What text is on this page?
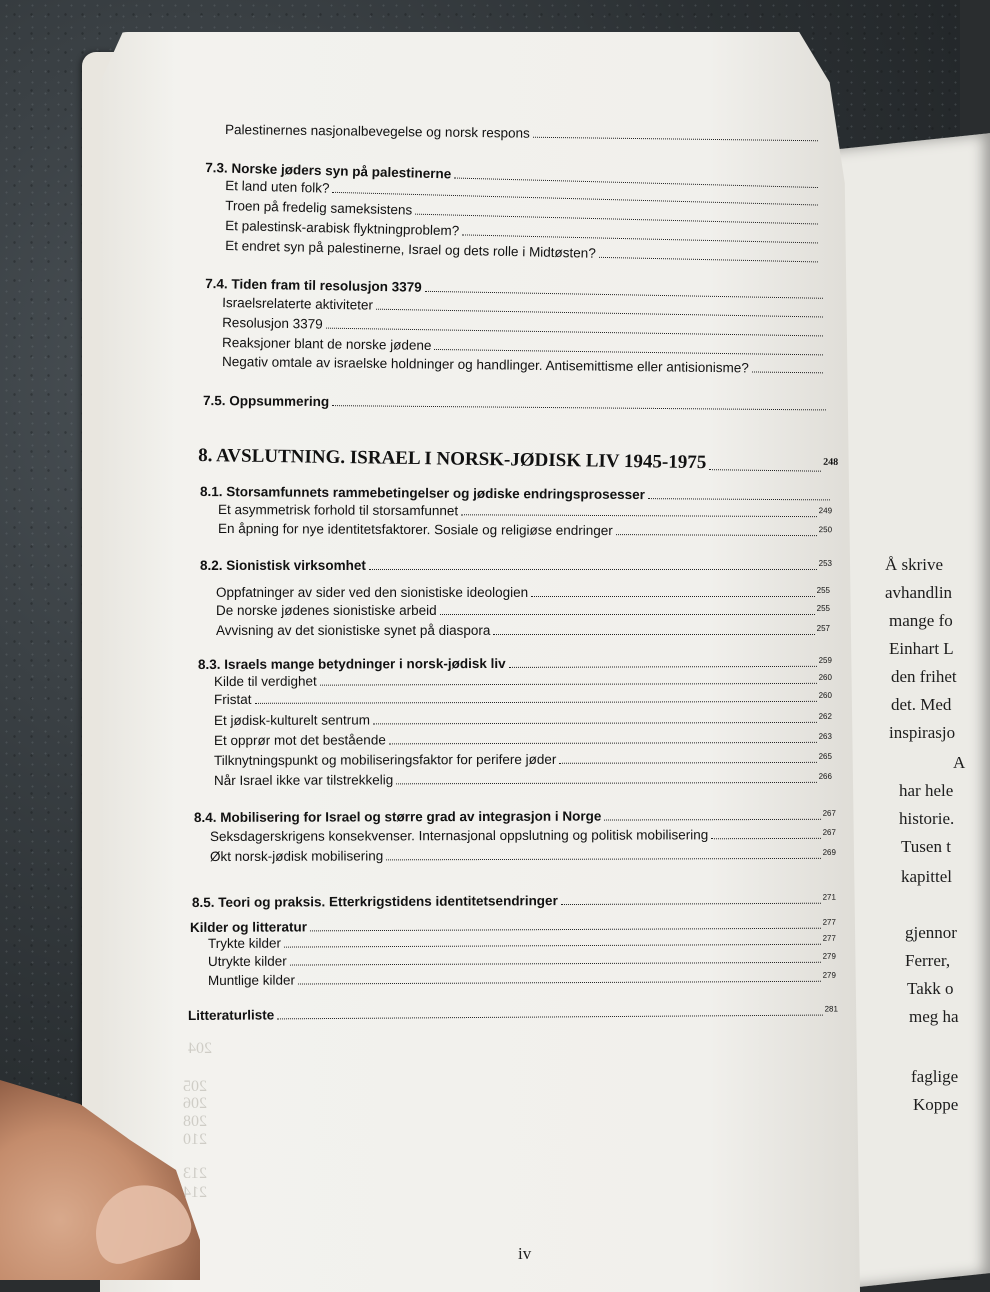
Å skrive
avhandlin
mange fo
Einhart L
den frihet
det. Med
inspirasjo
A
har hele
historie.
Tusen t
kapittel
gjennor
Ferrer,
Takk o
meg ha
faglige
Koppe
204
205
206
208
210
213
214
Palestinernes nasjonalbevegelse og norsk respons
7.3. Norske jøders syn på palestinerne
Et land uten folk?
Troen på fredelig sameksistens
Et palestinsk-arabisk flyktningproblem?
Et endret syn på palestinerne, Israel og dets rolle i Midtøsten?
7.4. Tiden fram til resolusjon 3379
Israelsrelaterte aktiviteter
Resolusjon 3379
Reaksjoner blant de norske jødene
Negativ omtale av israelske holdninger og handlinger. Antisemittisme eller antisionisme?
7.5. Oppsummering
8. AVSLUTNING. ISRAEL I NORSK-JØDISK LIV 1945-1975	248
8.1. Storsamfunnets rammebetingelser og jødiske endringsprosesser
Et asymmetrisk forhold til storsamfunnet	249
En åpning for nye identitetsfaktorer. Sosiale og religiøse endringer	250
8.2. Sionistisk virksomhet	253
Oppfatninger av sider ved den sionistiske ideologien	255
De norske jødenes sionistiske arbeid	255
Avvisning av det sionistiske synet på diaspora	257
8.3. Israels mange betydninger i norsk-jødisk liv	259
Kilde til verdighet	260
Fristat	260
Et jødisk-kulturelt sentrum	262
Et opprør mot det bestående	263
Tilknytningspunkt og mobiliseringsfaktor for perifere jøder	265
Når Israel ikke var tilstrekkelig	266
8.4. Mobilisering for Israel og større grad av integrasjon i Norge	267
Seksdagerskrigens konsekvenser. Internasjonal oppslutning og politisk mobilisering	267
Økt norsk-jødisk mobilisering	269
8.5. Teori og praksis. Etterkrigstidens identitetsendringer	271
Kilder og litteratur	277
Trykte kilder	277
Utrykte kilder	279
Muntlige kilder	279
Litteraturliste	281
iv
